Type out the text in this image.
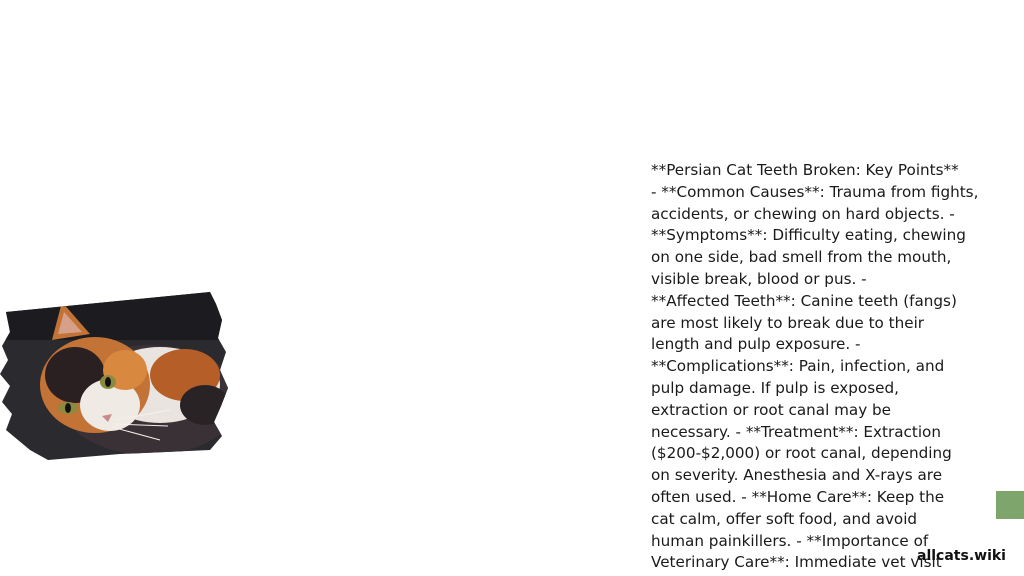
**Persian Cat Teeth Broken: Key Points**
- **Common Causes**: Trauma from fights,
accidents, or chewing on hard objects. -
**Symptoms**: Difficulty eating, chewing
on one side, bad smell from the mouth,
visible break, blood or pus. -
**Affected Teeth**: Canine teeth (fangs)
are most likely to break due to their
length and pulp exposure. -
**Complications**: Pain, infection, and
pulp damage. If pulp is exposed,
extraction or root canal may be
necessary. - **Treatment**: Extraction
($200-$2,000) or root canal, depending
on severity. Anesthesia and X-rays are
often used. - **Home Care**: Keep the
cat calm, offer soft food, and avoid
human painkillers. - **Importance of
Veterinary Care**: Immediate vet visit
allcats.wiki
